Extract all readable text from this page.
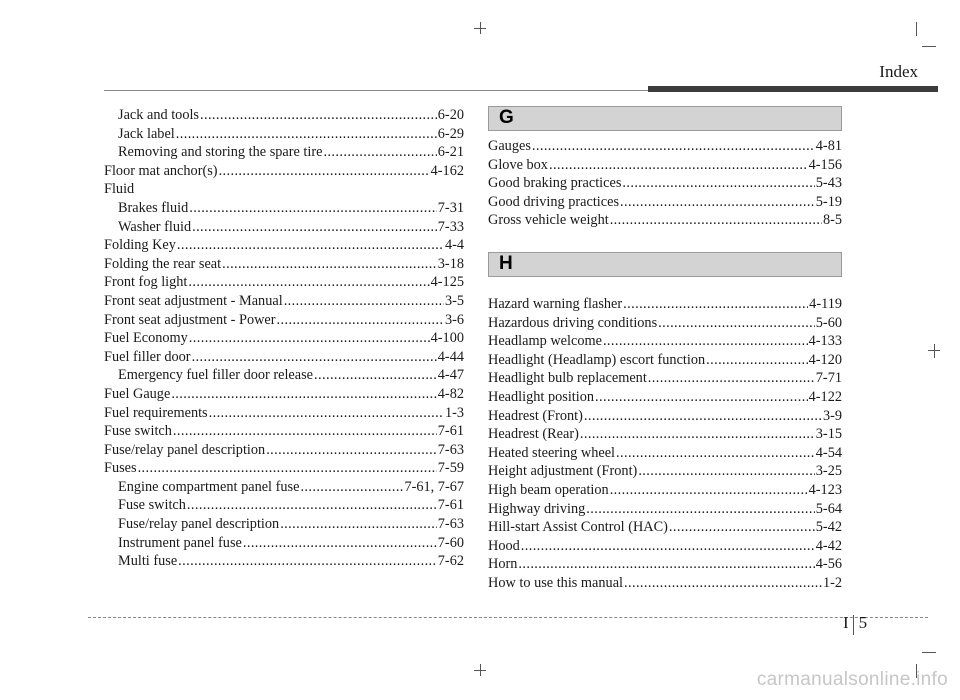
Index
Jack and tools .....	6-20
Jack label .....	6-29
Removing and storing the spare tire .....	6-21
Floor mat anchor(s) .....	4-162
Fluid
Brakes fluid .....	7-31
Washer fluid .....	7-33
Folding Key .....	4-4
Folding the rear seat .....	3-18
Front fog light .....	4-125
Front seat adjustment - Manual .....	3-5
Front seat adjustment - Power .....	3-6
Fuel Economy .....	4-100
Fuel filler door .....	4-44
Emergency fuel filler door release .....	4-47
Fuel Gauge .....	4-82
Fuel requirements .....	1-3
Fuse switch .....	7-61
Fuse/relay panel description .....	7-63
Fuses .....	7-59
Engine compartment panel fuse .....	7-61, 7-67
Fuse switch .....	7-61
Fuse/relay panel description .....	7-63
Instrument panel fuse .....	7-60
Multi fuse .....	7-62
G
Gauges .....	4-81
Glove box .....	4-156
Good braking practices .....	5-43
Good driving practices .....	5-19
Gross vehicle weight .....	8-5
H
Hazard warning flasher .....	4-119
Hazardous driving conditions .....	5-60
Headlamp welcome .....	4-133
Headlight (Headlamp) escort function .....	4-120
Headlight bulb replacement .....	7-71
Headlight position .....	4-122
Headrest (Front) .....	3-9
Headrest (Rear) .....	3-15
Heated steering wheel .....	4-54
Height adjustment (Front) .....	3-25
High beam operation .....	4-123
Highway driving .....	5-64
Hill-start Assist Control (HAC) .....	5-42
Hood .....	4-42
Horn .....	4-56
How to use this manual .....	1-2
I 5
carmanualsonline.info
